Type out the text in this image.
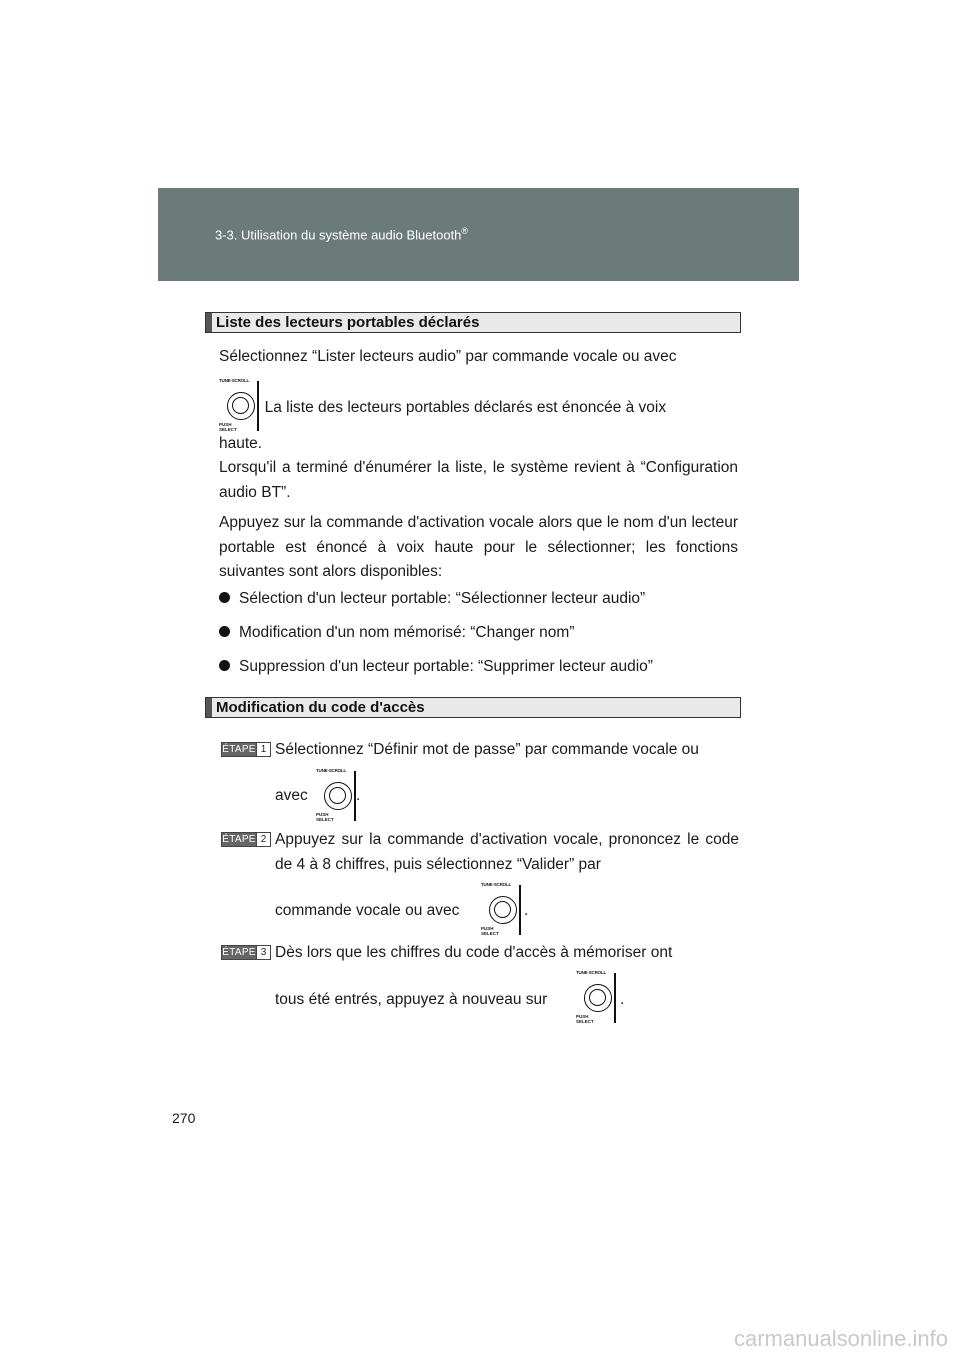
3-3. Utilisation du système audio Bluetooth®
Liste des lecteurs portables déclarés
Sélectionnez “Lister lecteurs audio” par commande vocale ou avec
TUNE·SCROLL
PUSH
SELECT
. La liste des lecteurs portables déclarés est énoncée à voix
haute.
Lorsqu'il a terminé d'énumérer la liste, le système revient à “Configuration audio BT”.
Appuyez sur la commande d'activation vocale alors que le nom d'un lecteur portable est énoncé à voix haute pour le sélectionner; les fonctions suivantes sont alors disponibles:
Sélection d'un lecteur portable: “Sélectionner lecteur audio”
Modification d'un nom mémorisé: “Changer nom”
Suppression d'un lecteur portable: “Supprimer lecteur audio”
Modification du code d'accès
ÉTAPE 1 Sélectionnez “Définir mot de passe” par commande vocale ou
avec
TUNE·SCROLL
PUSH
SELECT
.
ÉTAPE 2 Appuyez sur la commande d'activation vocale, prononcez le code de 4 à 8 chiffres, puis sélectionnez “Valider” par
commande vocale ou avec
TUNE·SCROLL
PUSH
SELECT
.
ÉTAPE 3 Dès lors que les chiffres du code d'accès à mémoriser ont
tous été entrés, appuyez à nouveau sur
TUNE·SCROLL
PUSH
SELECT
.
270
carmanualsonline.info
